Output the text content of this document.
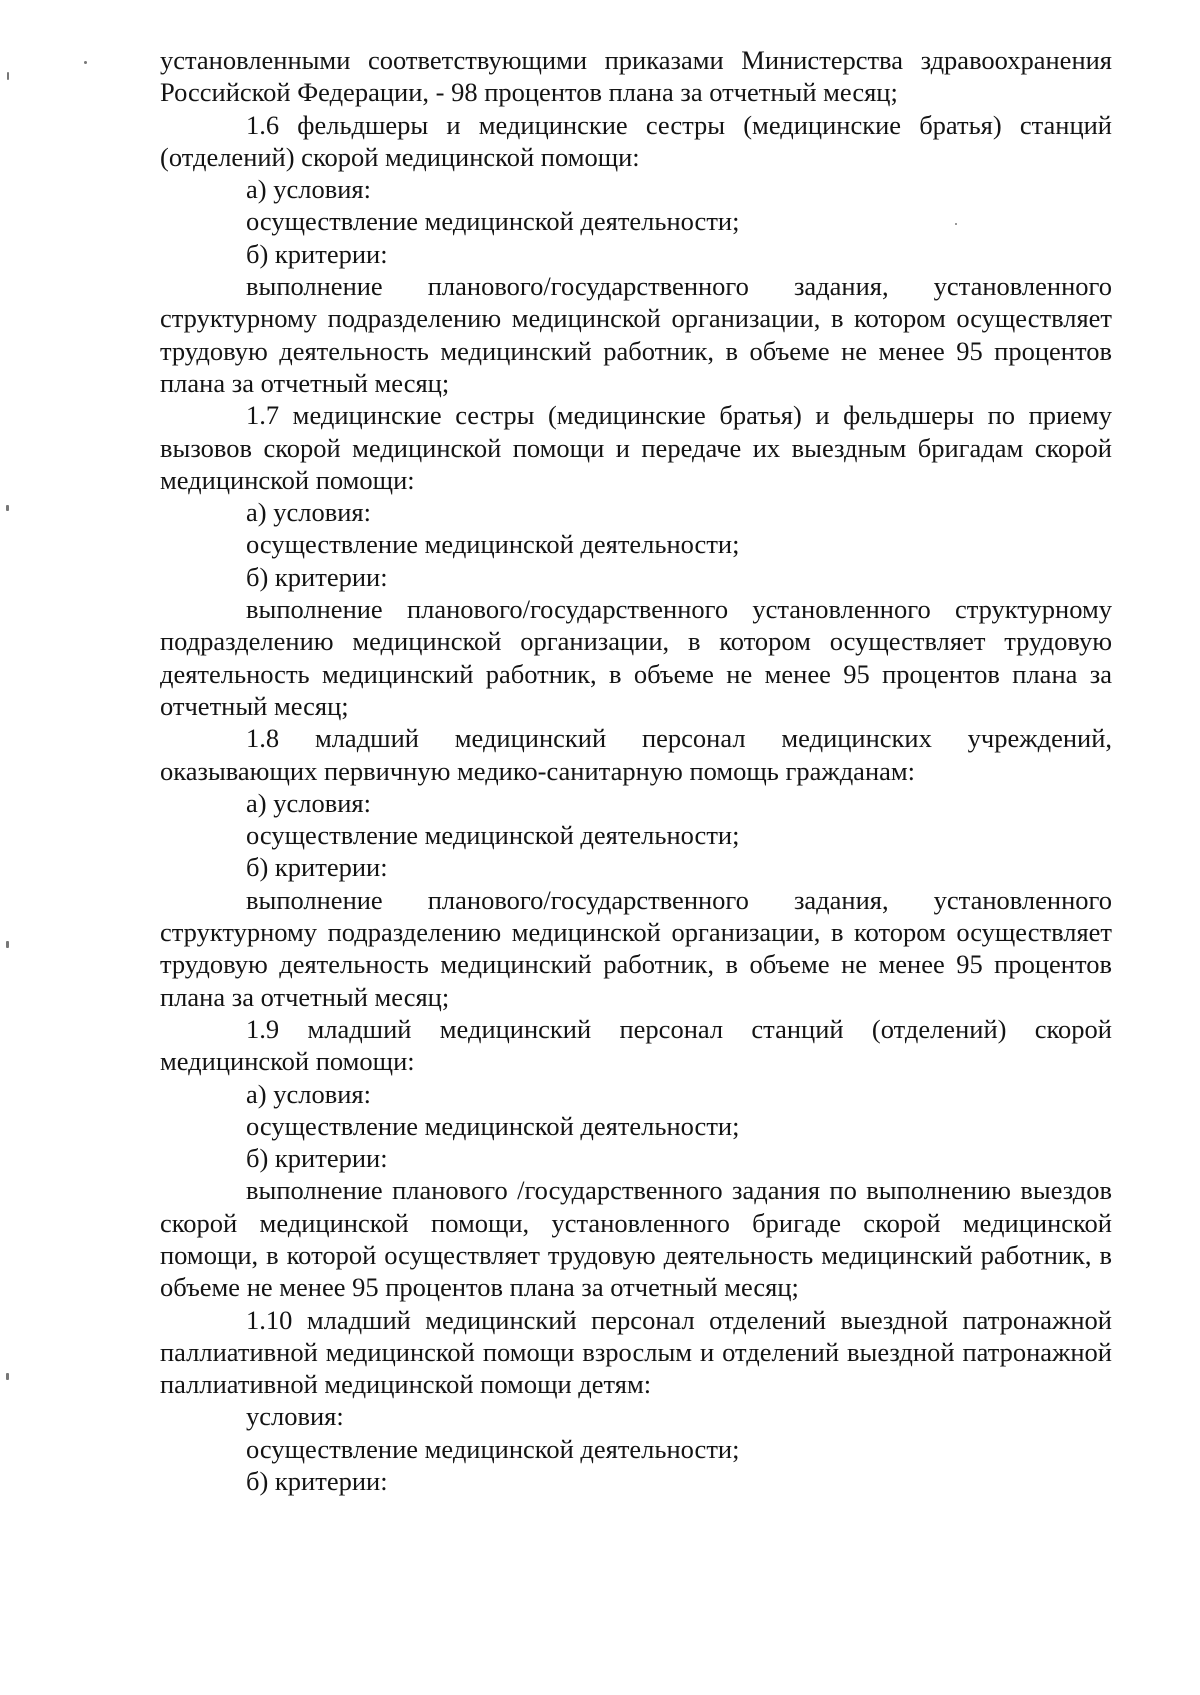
установленными соответствующими приказами Министерства здравоохранения Российской Федерации, - 98 процентов плана за отчетный месяц;

1.6 фельдшеры и медицинские сестры (медицинские братья) станций (отделений) скорой медицинской помощи:

а) условия:

осуществление медицинской деятельности;

б) критерии:

выполнение планового/государственного задания, установленного структурному подразделению медицинской организации, в котором осуществляет трудовую деятельность медицинский работник, в объеме не менее 95 процентов плана за отчетный месяц;

1.7 медицинские сестры (медицинские братья) и фельдшеры по приему вызовов скорой медицинской помощи и передаче их выездным бригадам скорой медицинской помощи:

а) условия:

осуществление медицинской деятельности;

б) критерии:

выполнение планового/государственного установленного структурному подразделению медицинской организации, в котором осуществляет трудовую деятельность медицинский работник, в объеме не менее 95 процентов плана за отчетный месяц;

1.8 младший медицинский персонал медицинских учреждений, оказывающих первичную медико-санитарную помощь гражданам:

а) условия:

осуществление медицинской деятельности;

б) критерии:

выполнение планового/государственного задания, установленного структурному подразделению медицинской организации, в котором осуществляет трудовую деятельность медицинский работник, в объеме не менее 95 процентов плана за отчетный месяц;

1.9 младший медицинский персонал станций (отделений) скорой медицинской помощи:

а) условия:

осуществление медицинской деятельности;

б) критерии:

выполнение планового /государственного задания по выполнению выездов скорой медицинской помощи, установленного бригаде скорой медицинской помощи, в которой осуществляет трудовую деятельность медицинский работник, в объеме не менее 95 процентов плана за отчетный месяц;

1.10 младший медицинский персонал отделений выездной патронажной паллиативной медицинской помощи взрослым и отделений выездной патронажной паллиативной медицинской помощи детям:

условия:

осуществление медицинской деятельности;

б) критерии:
